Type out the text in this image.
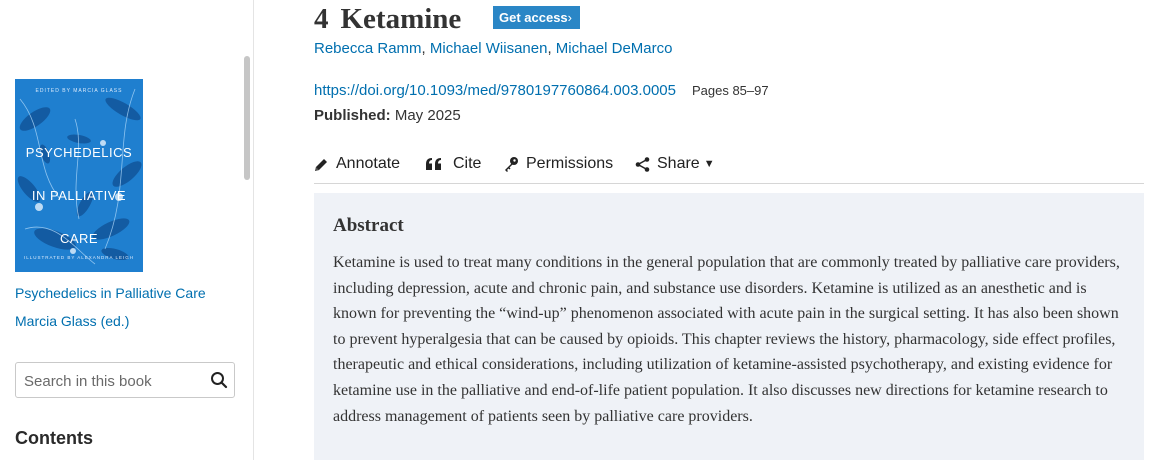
EDITED BY MARCIA GLASS
PSYCHEDELICS
IN PALLIATIVE
CARE
ILLUSTRATED BY ALEXANDRA LEIGH
Psychedelics in Palliative Care
Marcia Glass (ed.)
Search in this book
Contents
4 Ketamine	Get access ›
Rebecca Ramm, Michael Wiisanen, Michael DeMarco
https://doi.org/10.1093/med/9780197760864.003.0005 Pages 85–97
Published: May 2025
Annotate	Cite	Permissions	Share ▼
Abstract

Ketamine is used to treat many conditions in the general population that are commonly treated by palliative care providers, including depression, acute and chronic pain, and substance use disorders. Ketamine is utilized as an anesthetic and is known for preventing the “wind-up” phenomenon associated with acute pain in the surgical setting. It has also been shown to prevent hyperalgesia that can be caused by opioids. This chapter reviews the history, pharmacology, side effect profiles, therapeutic and ethical considerations, including utilization of ketamine-assisted psychotherapy, and existing evidence for ketamine use in the palliative and end-of-life patient population. It also discusses new directions for ketamine research to address management of patients seen by palliative care providers.
